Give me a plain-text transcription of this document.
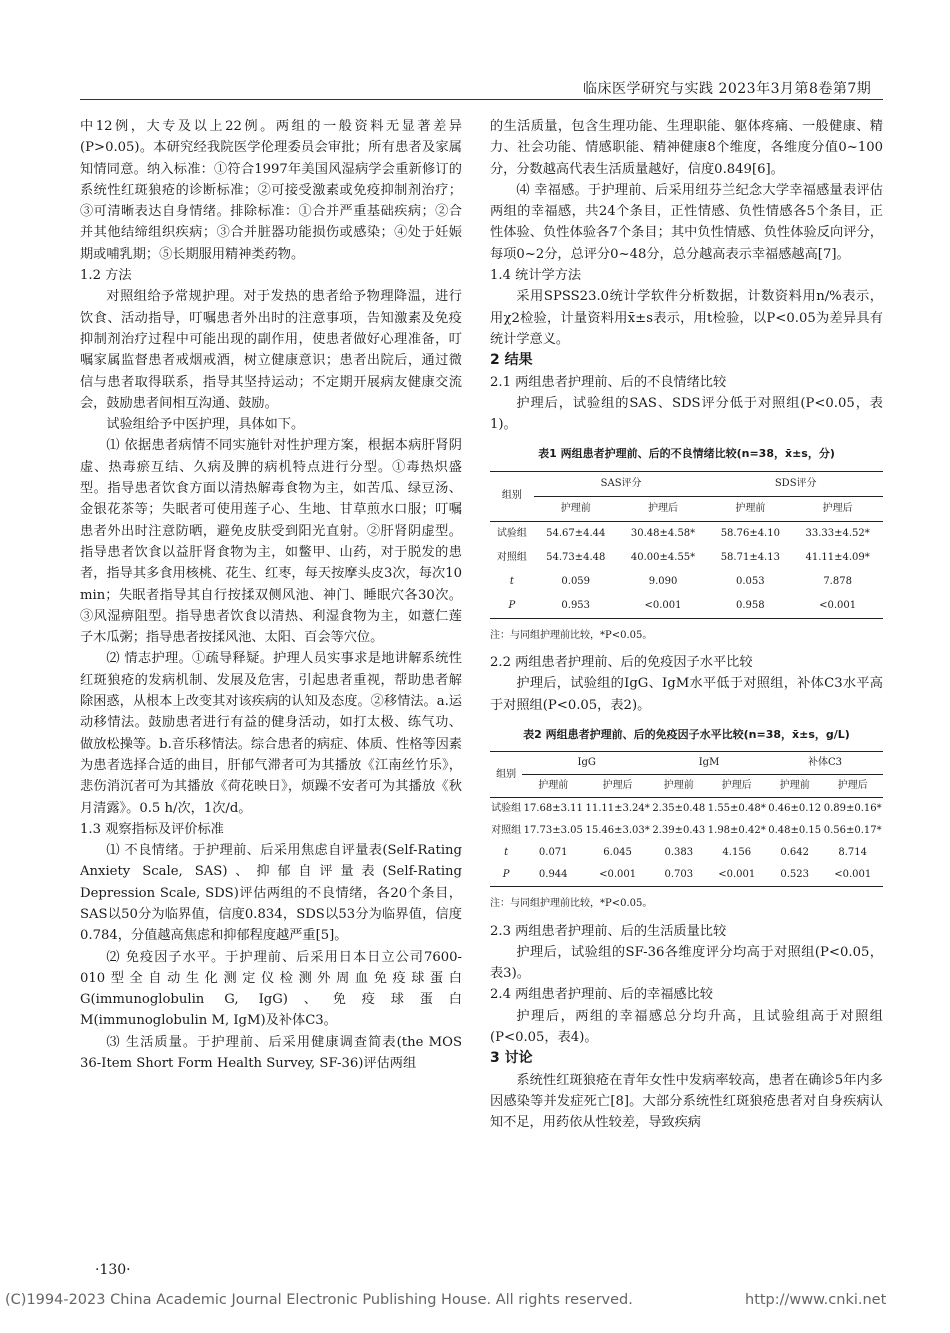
临床医学研究与实践 2023年3月第8卷第7期

中12例，大专及以上22例。两组的一般资料无显著差异(P>0.05)。本研究经我院医学伦理委员会审批；所有患者及家属知情同意。纳入标准：①符合1997年美国风湿病学会重新修订的系统性红斑狼疮的诊断标准；②可接受激素或免疫抑制剂治疗；③可清晰表达自身情绪。排除标准：①合并严重基础疾病；②合并其他结缔组织疾病；③合并脏器功能损伤或感染；④处于妊娠期或哺乳期；⑤长期服用精神类药物。

1.2 方法

对照组给予常规护理。对于发热的患者给予物理降温，进行饮食、活动指导，叮嘱患者外出时的注意事项，告知激素及免疫抑制剂治疗过程中可能出现的副作用，使患者做好心理准备，叮嘱家属监督患者戒烟戒酒，树立健康意识；患者出院后，通过微信与患者取得联系，指导其坚持运动；不定期开展病友健康交流会，鼓励患者间相互沟通、鼓励。

试验组给予中医护理，具体如下。

⑴ 依据患者病情不同实施针对性护理方案，根据本病肝肾阴虚、热毒瘀互结、久病及脾的病机特点进行分型。①毒热炽盛型。指导患者饮食方面以清热解毒食物为主，如苦瓜、绿豆汤、金银花茶等；失眠者可使用莲子心、生地、甘草煎水口服；叮嘱患者外出时注意防晒，避免皮肤受到阳光直射。②肝肾阴虚型。指导患者饮食以益肝肾食物为主，如鳖甲、山药，对于脱发的患者，指导其多食用核桃、花生、红枣，每天按摩头皮3次，每次10 min；失眠者指导其自行按揉双侧风池、神门、睡眠穴各30次。③风湿痹阻型。指导患者饮食以清热、利湿食物为主，如薏仁莲子木瓜粥；指导患者按揉风池、太阳、百会等穴位。

⑵ 情志护理。①疏导释疑。护理人员实事求是地讲解系统性红斑狼疮的发病机制、发展及危害，引起患者重视，帮助患者解除困惑，从根本上改变其对该疾病的认知及态度。②移情法。a.运动移情法。鼓励患者进行有益的健身活动，如打太极、练气功、做放松操等。b.音乐移情法。综合患者的病症、体质、性格等因素为患者选择合适的曲目，肝郁气滞者可为其播放《江南丝竹乐》，悲伤消沉者可为其播放《荷花映日》，烦躁不安者可为其播放《秋月清露》。0.5 h/次，1次/d。

1.3 观察指标及评价标准

⑴ 不良情绪。于护理前、后采用焦虑自评量表(Self-Rating Anxiety Scale, SAS)、抑郁自评量表(Self-Rating Depression Scale, SDS)评估两组的不良情绪，各20个条目，SAS以50分为临界值，信度0.834，SDS以53分为临界值，信度0.784，分值越高焦虑和抑郁程度越严重[5]。

⑵ 免疫因子水平。于护理前、后采用日本日立公司7600-010型全自动生化测定仪检测外周血免疫球蛋白G(immunoglobulin G, IgG)、免疫球蛋白M(immunoglobulin M, IgM)及补体C3。

⑶ 生活质量。于护理前、后采用健康调查简表(the MOS 36-Item Short Form Health Survey, SF-36)评估两组

的生活质量，包含生理功能、生理职能、躯体疼痛、一般健康、精力、社会功能、情感职能、精神健康8个维度，各维度分值0~100分，分数越高代表生活质量越好，信度0.849[6]。

⑷ 幸福感。于护理前、后采用纽芬兰纪念大学幸福感量表评估两组的幸福感，共24个条目，正性情感、负性情感各5个条目，正性体验、负性体验各7个条目；其中负性情感、负性体验反向评分，每项0~2分，总评分0~48分，总分越高表示幸福感越高[7]。

1.4 统计学方法

采用SPSS23.0统计学软件分析数据，计数资料用n/%表示，用χ2检验，计量资料用x̄±s表示，用t检验，以P<0.05为差异具有统计学意义。

2 结果

2.1 两组患者护理前、后的不良情绪比较

护理后，试验组的SAS、SDS评分低于对照组(P<0.05，表1)。

表1 两组患者护理前、后的不良情绪比较(n=38，x̄±s，分)
组别	SAS评分		SDS评分	
	护理前	护理后	护理前	护理后
试验组	54.67±4.44	30.48±4.58*	58.76±4.10	33.33±4.52*
对照组	54.73±4.48	40.00±4.55*	58.71±4.13	41.11±4.09*
t	0.059	9.090	0.053	7.878
P	0.953	<0.001	0.958	<0.001
注：与同组护理前比较，*P<0.05。

2.2 两组患者护理前、后的免疫因子水平比较

护理后，试验组的IgG、IgM水平低于对照组，补体C3水平高于对照组(P<0.05，表2)。

表2 两组患者护理前、后的免疫因子水平比较(n=38，x̄±s，g/L)
组别	IgG		IgM		补体C3	
	护理前	护理后	护理前	护理后	护理前	护理后
试验组	17.68±3.11	11.11±3.24*	2.35±0.48	1.55±0.48*	0.46±0.12	0.89±0.16*
对照组	17.73±3.05	15.46±3.03*	2.39±0.43	1.98±0.42*	0.48±0.15	0.56±0.17*
t	0.071	6.045	0.383	4.156	0.642	8.714
P	0.944	<0.001	0.703	<0.001	0.523	<0.001
注：与同组护理前比较，*P<0.05。

2.3 两组患者护理前、后的生活质量比较

护理后，试验组的SF-36各维度评分均高于对照组(P<0.05，表3)。

2.4 两组患者护理前、后的幸福感比较

护理后，两组的幸福感总分均升高，且试验组高于对照组(P<0.05，表4)。

3 讨论

系统性红斑狼疮在青年女性中发病率较高，患者在确诊5年内多因感染等并发症死亡[8]。大部分系统性红斑狼疮患者对自身疾病认知不足，用药依从性较差，导致疾病

·130·
(C)1994-2023 China Academic Journal Electronic Publishing House. All rights reserved.	http://www.cnki.net
